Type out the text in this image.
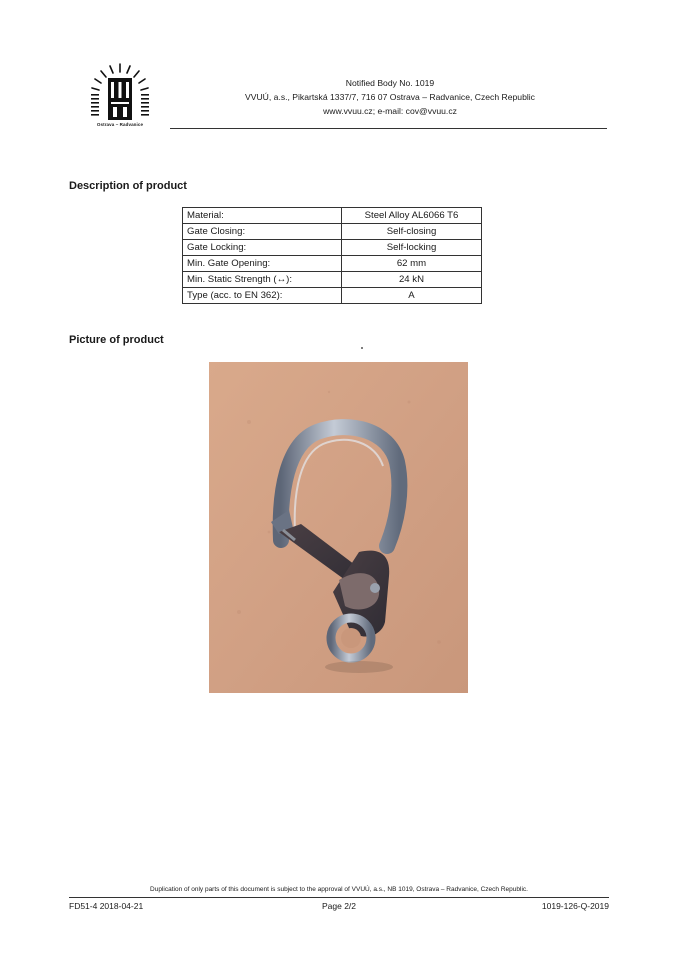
Ostrava – Radvanice
Notified Body No. 1019
VVUÚ, a.s., Pikartská 1337/7, 716 07 Ostrava – Radvanice, Czech Republic
www.vvuu.cz; e-mail: cov@vvuu.cz
Description of product
Material:	Steel Alloy AL6066 T6
Gate Closing:	Self-closing
Gate Locking:	Self-locking
Min. Gate Opening:	62 mm
Min. Static Strength (↔):	24 kN
Type (acc. to EN 362):	A
Picture of product
Duplication of only parts of this document is subject to the approval of VVUÚ, a.s., NB 1019, Ostrava – Radvanice, Czech Republic.
FD51-4 2018-04-21	Page 2/2	1019-126-Q-2019
